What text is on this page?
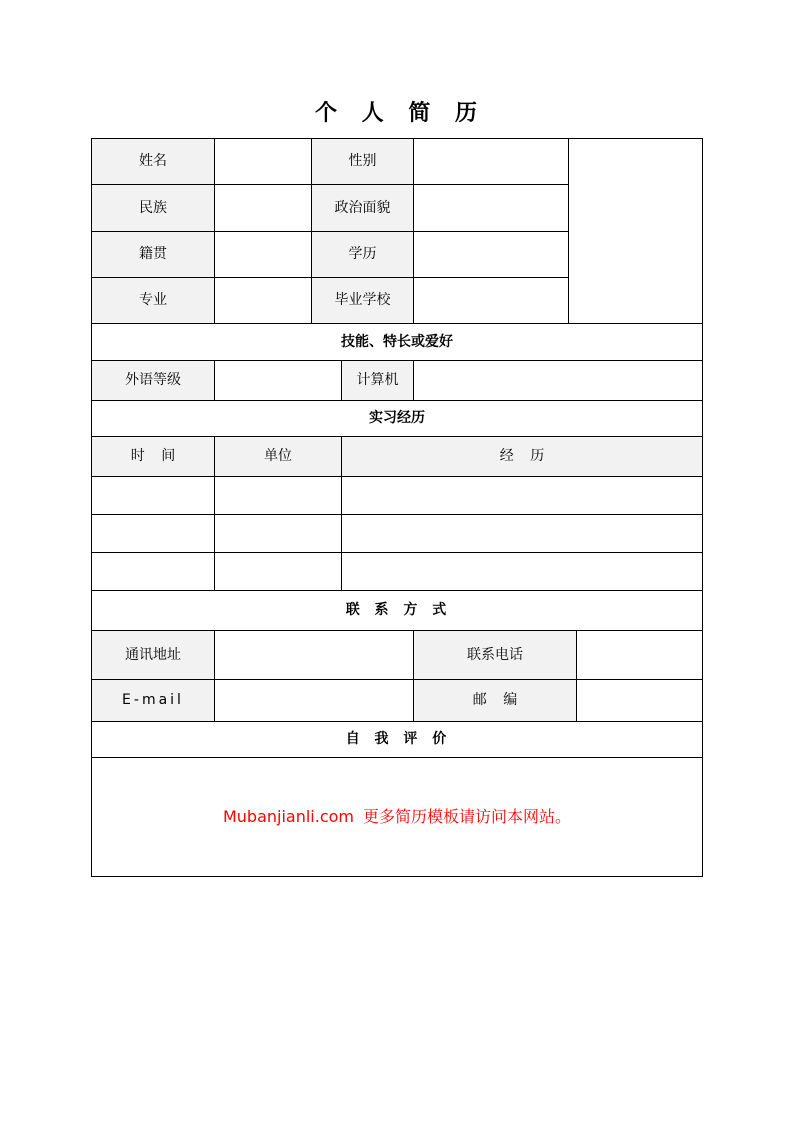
个 人 简 历
姓名		性别				
民族		政治面貌				
籍贯		学历				
专业		毕业学校				
技能、特长或爱好						
外语等级			计算机			
实习经历						
时 间	单位		经 历			

联 系 方 式						
通讯地址				联系电话		
E-mail				邮 编		
自 我 评 价						

Mubanjianli.com 更多简历模板请访问本网站。						
